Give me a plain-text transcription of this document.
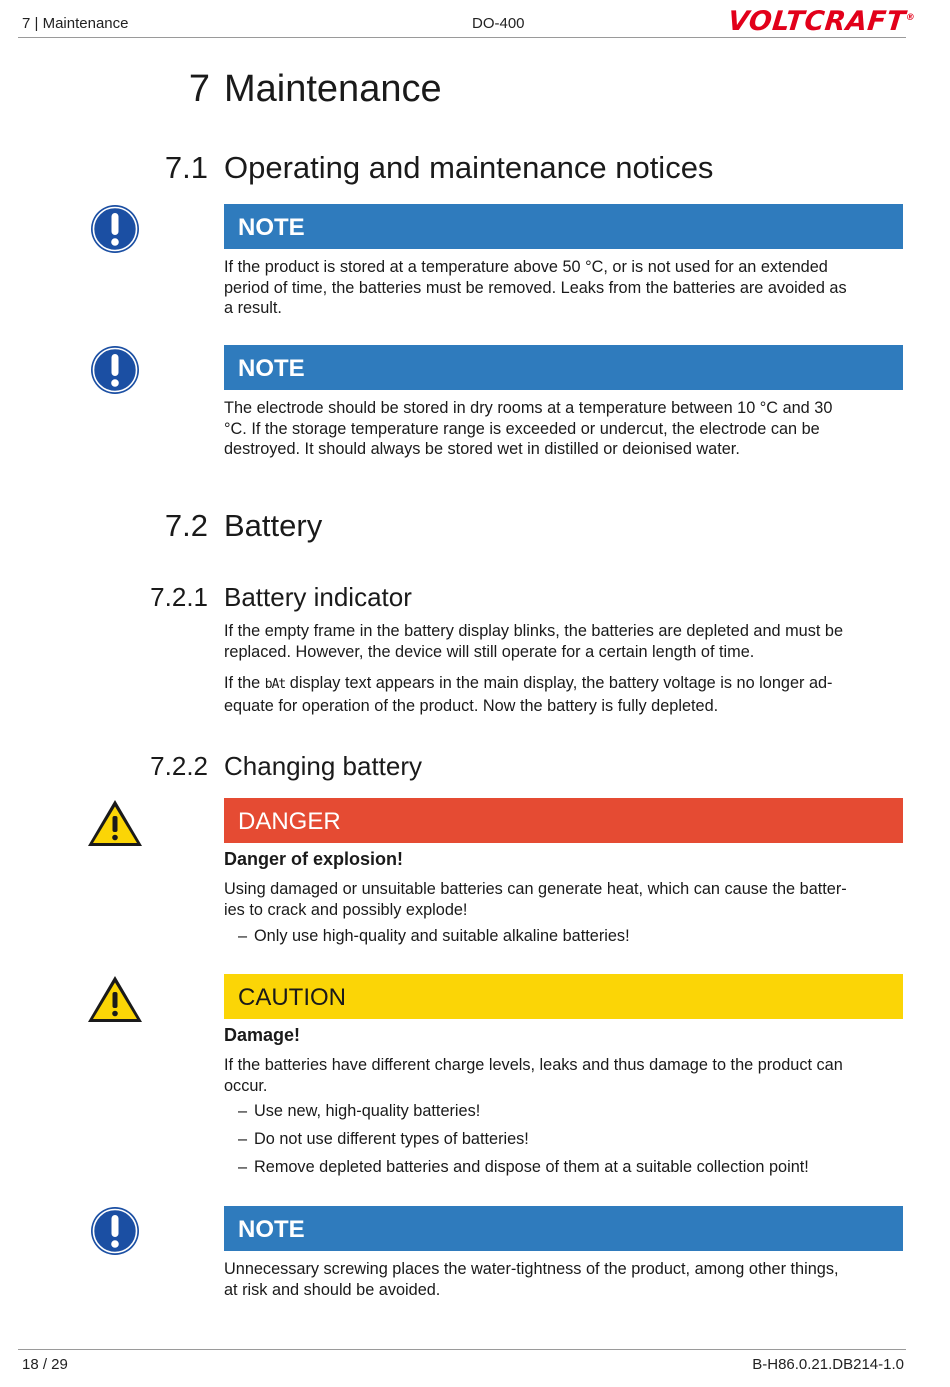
7 | Maintenance	DO-400	VOLTCRAFT®
7 Maintenance
7.1 Operating and maintenance notices
NOTE
If the product is stored at a temperature above 50 °C, or is not used for an extended
period of time, the batteries must be removed. Leaks from the batteries are avoided as
a result.
NOTE
The electrode should be stored in dry rooms at a temperature between 10 °C and 30
°C. If the storage temperature range is exceeded or undercut, the electrode can be
destroyed. It should always be stored wet in distilled or deionised water.
7.2 Battery
7.2.1 Battery indicator
If the empty frame in the battery display blinks, the batteries are depleted and must be
replaced. However, the device will still operate for a certain length of time.
If the bAt display text appears in the main display, the battery voltage is no longer ad-
equate for operation of the product. Now the battery is fully depleted.
7.2.2 Changing battery
DANGER
Danger of explosion!
Using damaged or unsuitable batteries can generate heat, which can cause the batter-
ies to crack and possibly explode!
– Only use high-quality and suitable alkaline batteries!
CAUTION
Damage!
If the batteries have different charge levels, leaks and thus damage to the product can
occur.
– Use new, high-quality batteries!
– Do not use different types of batteries!
– Remove depleted batteries and dispose of them at a suitable collection point!
NOTE
Unnecessary screwing places the water-tightness of the product, among other things,
at risk and should be avoided.
18 / 29	B-H86.0.21.DB214-1.0
